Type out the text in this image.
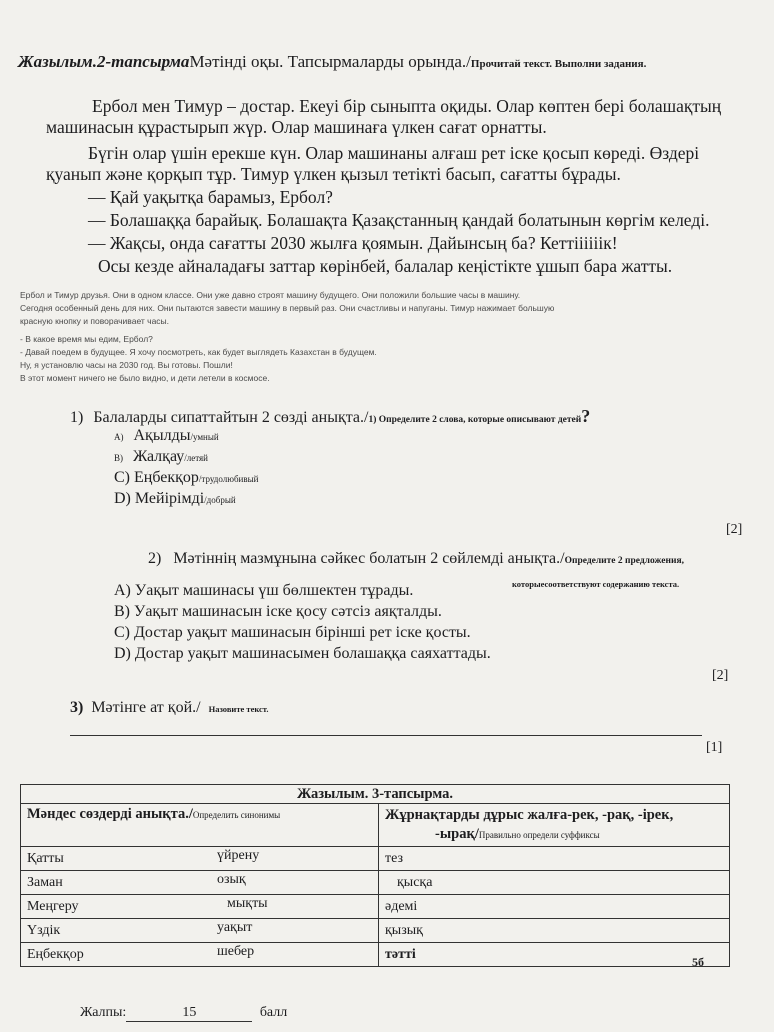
Жазылым.2-тапсырмаМәтінді оқы. Тапсырмаларды орында./Прочитай текст. Выполни задания.
Ербол мен Тимур – достар. Екеуі бір сыныпта оқиды. Олар көптен бері болашақтың
машинасын құрастырып жүр. Олар машинаға үлкен сағат орнатты.
Бүгін олар үшін ерекше күн. Олар машинаны алғаш рет іске қосып көреді. Өздері
қуанып және қорқып тұр. Тимур үлкен қызыл тетікті басып, сағатты бұрады.
— Қай уақытқа барамыз, Ербол?
— Болашаққа барайық. Болашақта Қазақстанның қандай болатынын көргім келеді.
— Жақсы, онда сағатты 2030 жылға қоямын. Дайынсың ба? Кеттіііііік!
Осы кезде айналадағы заттар көрінбей, балалар кеңістікте ұшып бара жатты.
Ербол и Тимур друзья. Они в одном классе. Они уже давно строят машину будущего. Они положили большие часы в машину.
Сегодня особенный день для них. Они пытаются завести машину в первый раз. Они счастливы и напуганы. Тимур нажимает большую
красную кнопку и поворачивает часы.
- В какое время мы едим, Ербол?
- Давай поедем в будущее. Я хочу посмотреть, как будет выглядеть Казахстан в будущем.
Ну, я установлю часы на 2030 год. Вы готовы. Пошли!
В этот момент ничего не было видно, и дети летели в космосе.
1) Балаларды сипаттайтын 2 сөзді анықта./1) Определите 2 слова, которые описывают детей?
А) Ақылды/умный
В) Жалқау/летяй
С) Еңбекқор/трудолюбивый
D) Мейірімді/добрый
[2]
2) Мәтіннің мазмұнына сәйкес болатын 2 сөйлемді анықта./Определите 2 предложения,
которыесоответствуют содержанию текста.
А) Уақыт машинасы үш бөлшектен тұрады.
В) Уақыт машинасын іске қосу сәтсіз аяқталды.
С) Достар уақыт машинасын бірінші рет іске қосты.
D) Достар уақыт машинасымен болашаққа саяхаттады.
[2]
3) Мәтінге ат қой./ Назовите текст.
[1]
Жазылым. 3-тапсырма.	
Мәндес сөздерді анықта./Определить синонимы	Жұрнақтарды дұрыс жалға-рек, -рақ, -ірек,
-ырақ/Правильно определи суффиксы

Қатты үйрену	тез

Заман озық	қысқа

Меңгеру мықты	әдемі

Үздік уақыт	қызық

Еңбекқор шебер	тәтті
5б
Жалпы:	15	балл
